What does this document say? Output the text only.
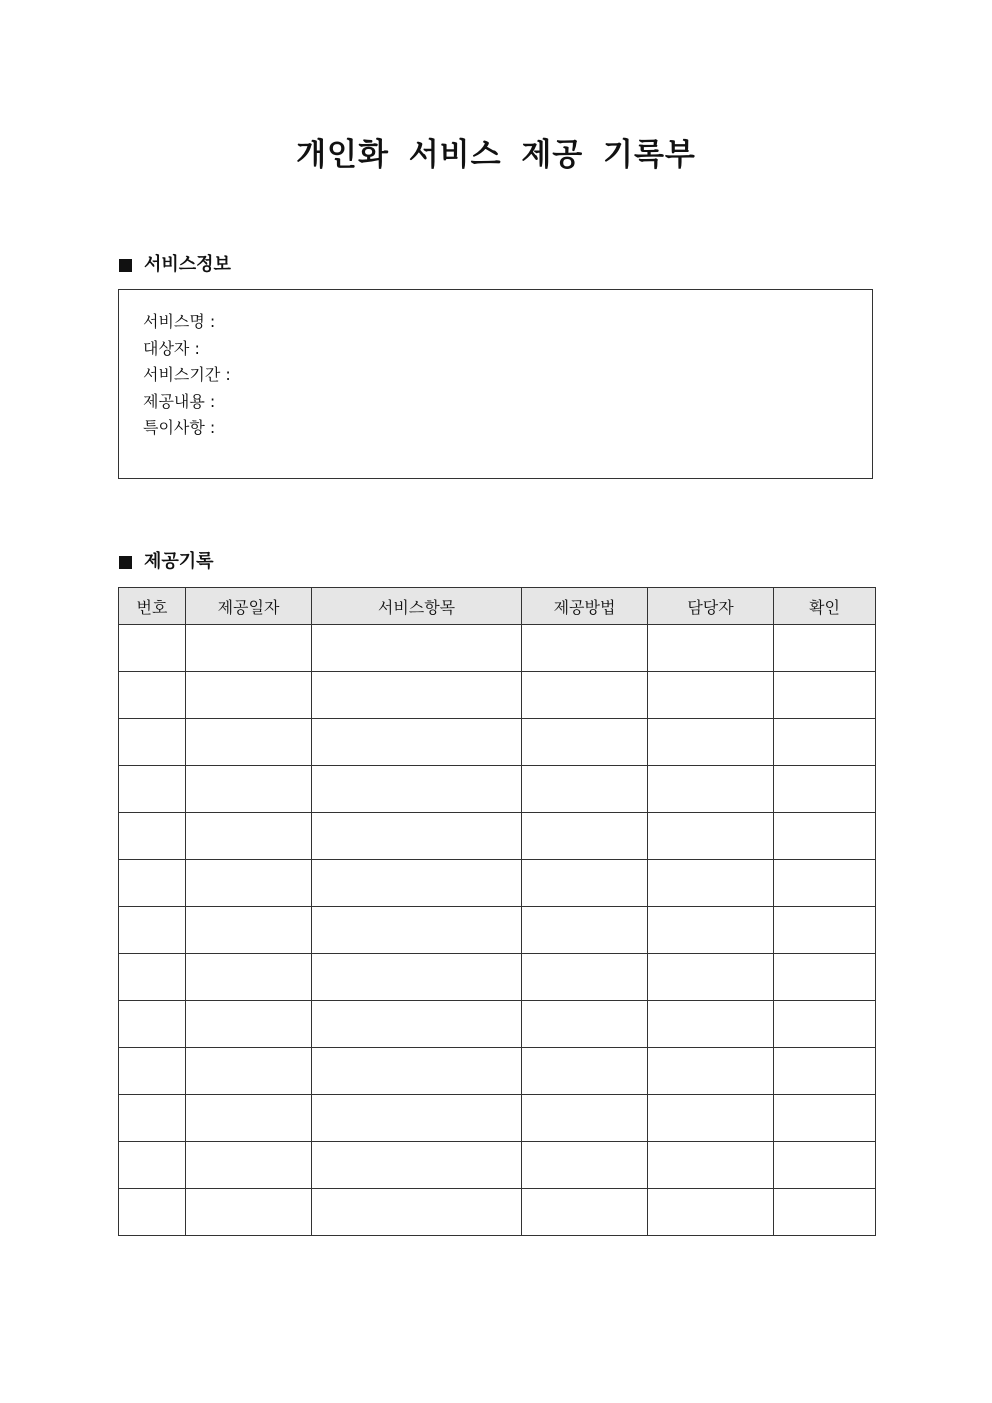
개인화 서비스 제공 기록부
서비스정보
서비스명 :
대상자 :
서비스기간 :
제공내용 :
특이사항 :
제공기록
번호	제공일자	서비스항목	제공방법	담당자	확인
